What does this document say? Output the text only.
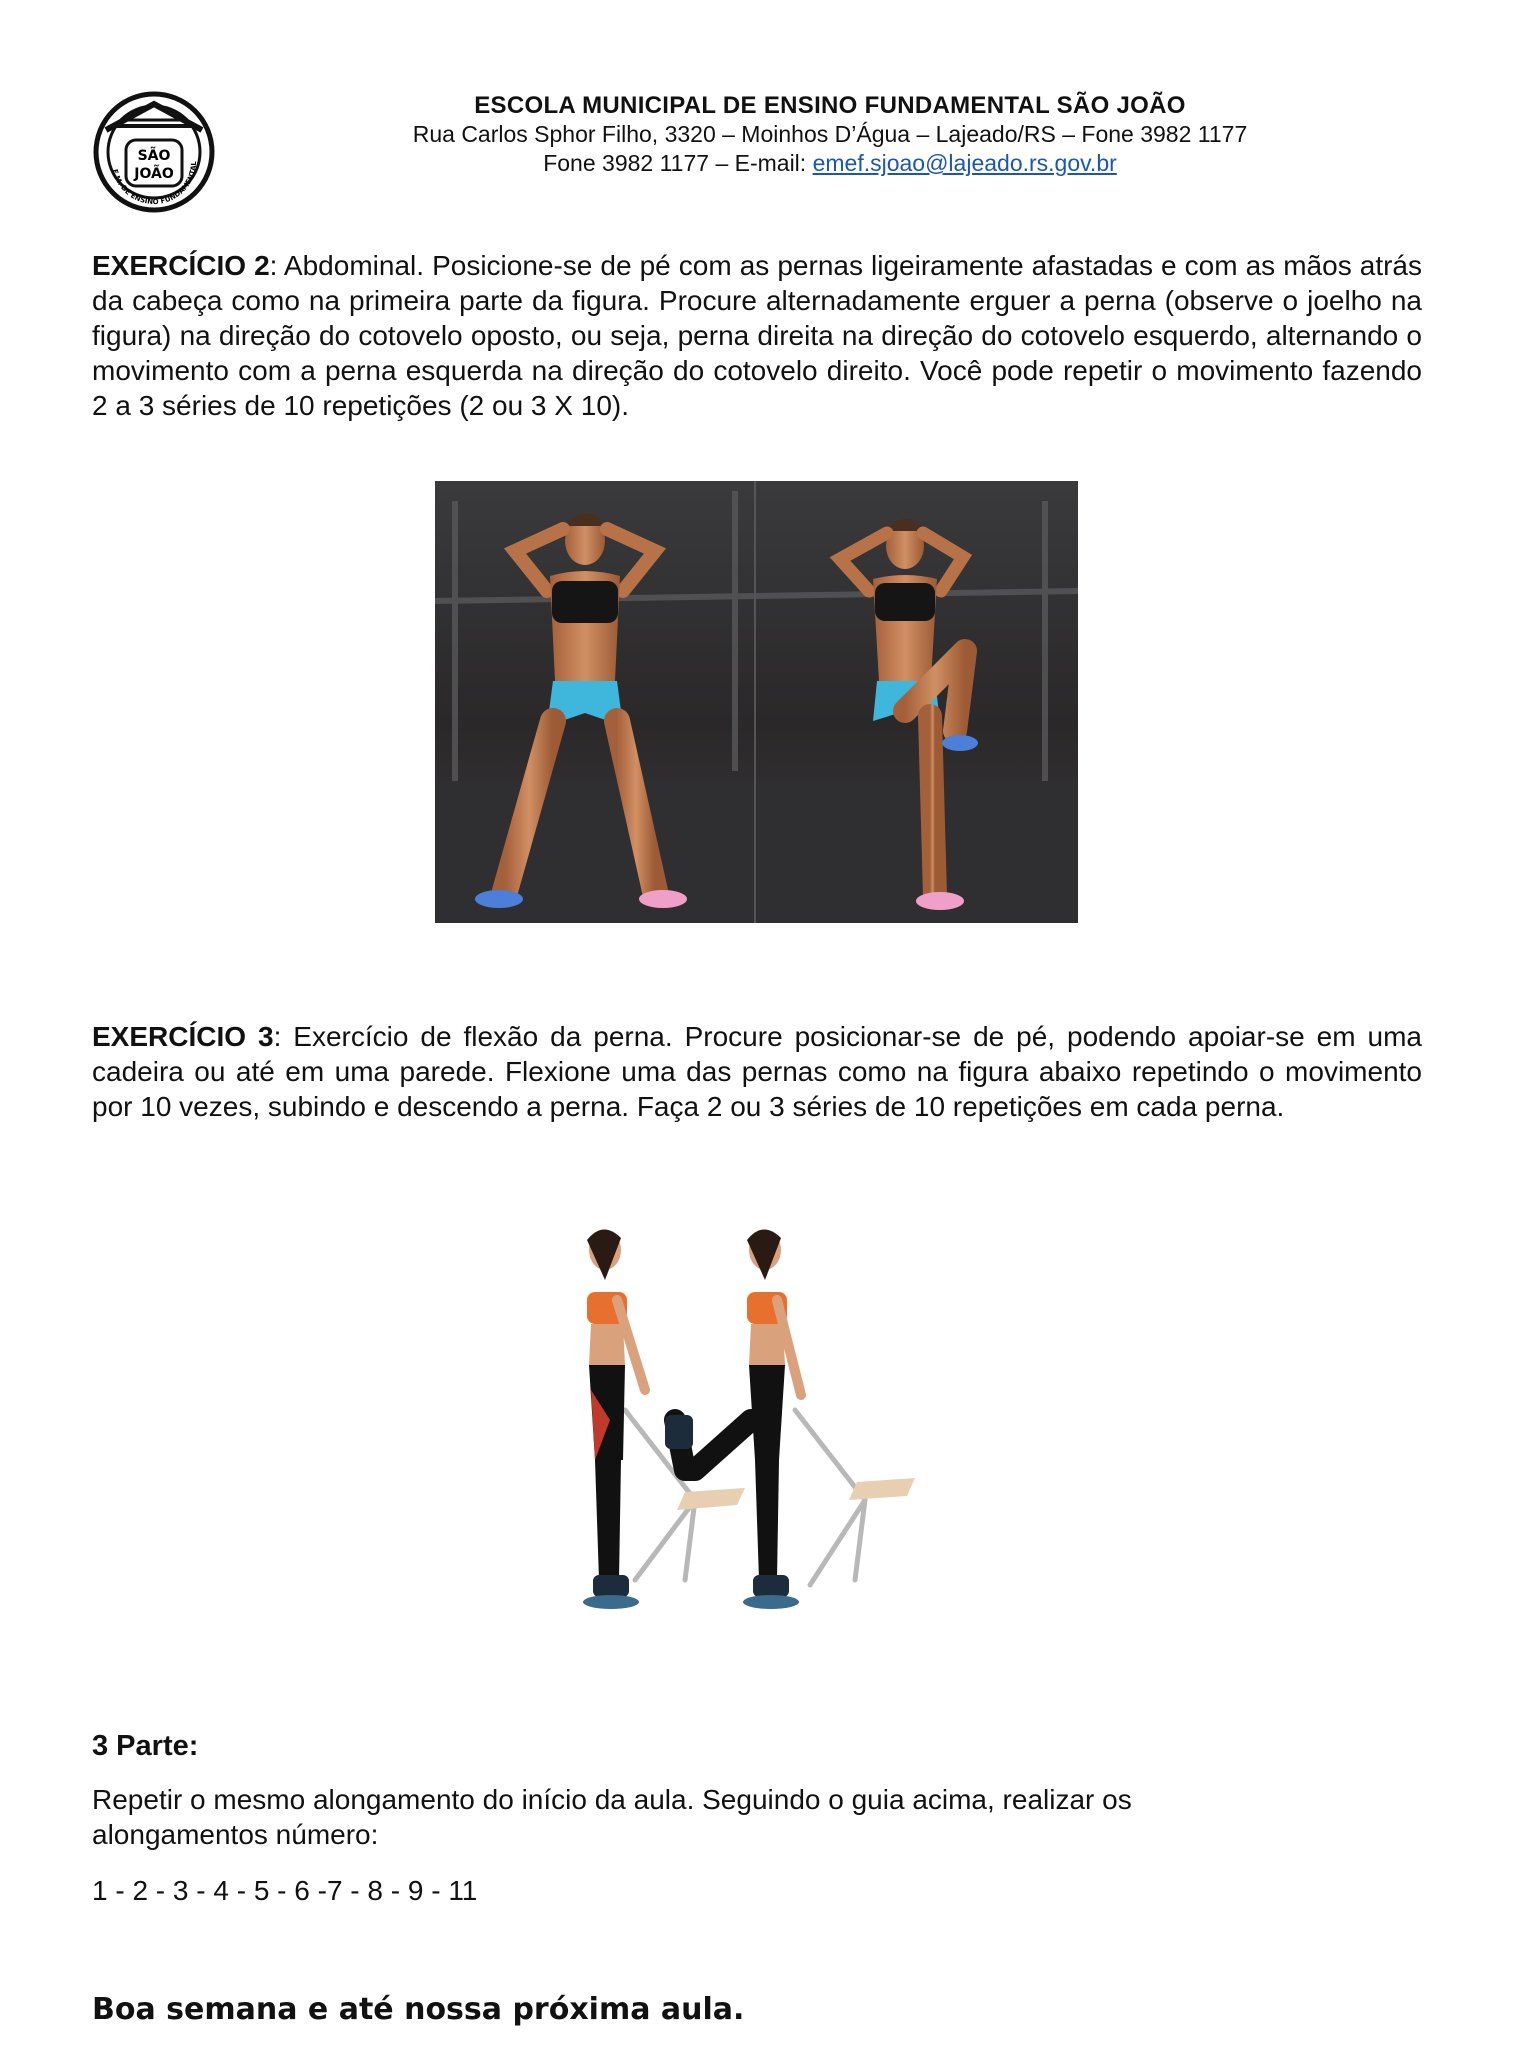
SÃO
JOÃO
E.M. DE ENSINO FUNDAMENTAL
ESCOLA MUNICIPAL DE ENSINO FUNDAMENTAL SÃO JOÃO
Rua Carlos Sphor Filho, 3320 – Moinhos D’Água – Lajeado/RS – Fone 3982 1177
Fone 3982 1177 – E-mail: emef.sjoao@lajeado.rs.gov.br
EXERCÍCIO 2: Abdominal. Posicione-se de pé com as pernas ligeiramente afastadas e com as mãos atrás da cabeça como na primeira parte da figura. Procure alternadamente erguer a perna (observe o joelho na figura) na direção do cotovelo oposto, ou seja, perna direita na direção do cotovelo esquerdo, alternando o movimento com a perna esquerda na direção do cotovelo direito. Você pode repetir o movimento fazendo 2 a 3 séries de 10 repetições (2 ou 3 X 10).
EXERCÍCIO 3: Exercício de flexão da perna. Procure posicionar-se de pé, podendo apoiar-se em uma cadeira ou até em uma parede. Flexione uma das pernas como na figura abaixo repetindo o movimento por 10 vezes, subindo e descendo a perna. Faça 2 ou 3 séries de 10 repetições em cada perna.
3 Parte:
Repetir o mesmo alongamento do início da aula. Seguindo o guia acima, realizar os alongamentos número:
1 - 2 - 3 - 4 - 5 - 6 -7 - 8 - 9 - 11
Boa semana e até nossa próxima aula.
